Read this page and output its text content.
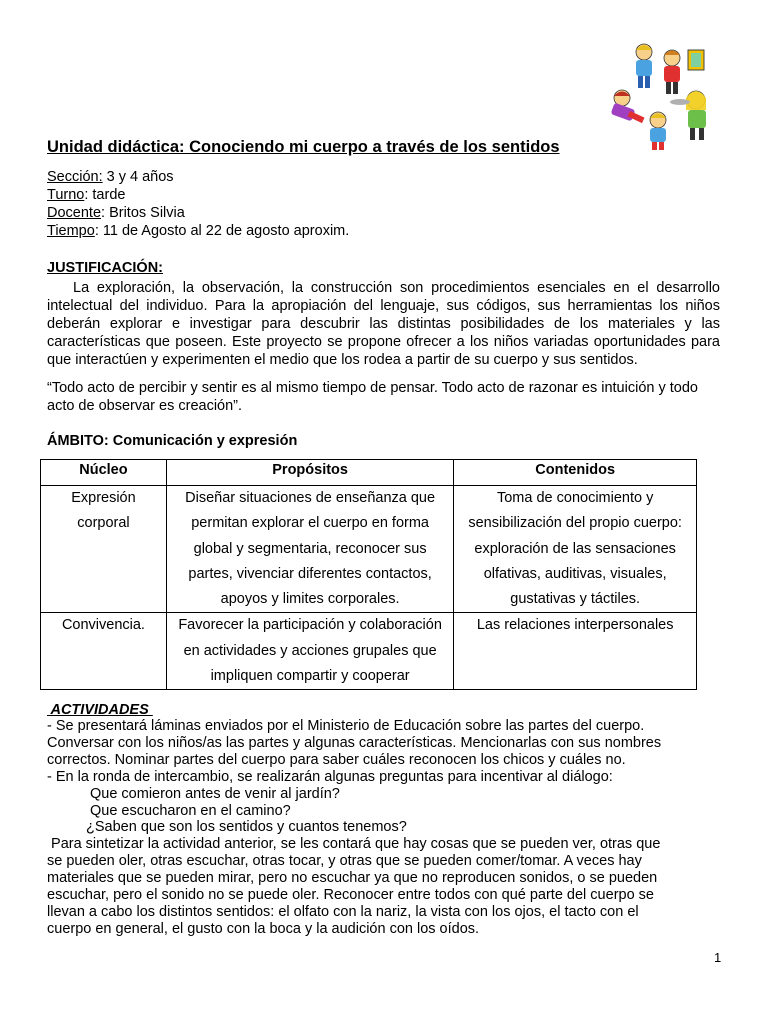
Unidad didáctica: Conociendo mi cuerpo a través de los sentidos
Sección: 3 y 4 años
Turno: tarde
Docente: Britos Silvia
Tiempo: 11 de Agosto al 22 de agosto aproxim.
JUSTIFICACIÓN:
La exploración, la observación, la construcción son procedimientos esenciales en el desarrollo intelectual del individuo. Para la apropiación del lenguaje, sus códigos, sus herramientas los niños deberán explorar e investigar para descubrir las distintas posibilidades de los materiales y las características que poseen. Este proyecto se propone ofrecer a los niños variadas oportunidades para que interactúen y experimenten el medio que los rodea a partir de su cuerpo y sus sentidos.
“Todo acto de percibir y sentir es al mismo tiempo de pensar. Todo acto de razonar es intuición y todo acto de observar es creación”.
ÁMBITO: Comunicación y expresión
Núcleo	Propósitos	Contenidos
Expresión corporal	Diseñar situaciones de enseñanza que permitan explorar el cuerpo en forma global y segmentaria, reconocer sus partes, vivenciar diferentes contactos, apoyos y limites corporales.	Toma de conocimiento y sensibilización del propio cuerpo: exploración de las sensaciones olfativas, auditivas, visuales, gustativas y táctiles.
Convivencia.	Favorecer la participación y colaboración en actividades y acciones grupales que impliquen compartir y cooperar	Las relaciones interpersonales
ACTIVIDADES
- Se presentará láminas enviados por el Ministerio de Educación sobre las partes del cuerpo.
Conversar con los niños/as las partes y algunas características. Mencionarlas con sus nombres
correctos. Nominar partes del cuerpo para saber cuáles reconocen los chicos y cuáles no.
- En la ronda de intercambio, se realizarán algunas preguntas para incentivar al diálogo:
Que comieron antes de venir al jardín?
Que escucharon en el camino?
¿Saben que son los sentidos y cuantos tenemos?
Para sintetizar la actividad anterior, se les contará que hay cosas que se pueden ver, otras que
se pueden oler, otras escuchar, otras tocar, y otras que se pueden comer/tomar. A veces hay
materiales que se pueden mirar, pero no escuchar ya que no reproducen sonidos, o se pueden
escuchar, pero el sonido no se puede oler. Reconocer entre todos con qué parte del cuerpo se
llevan a cabo los distintos sentidos: el olfato con la nariz, la vista con los ojos, el tacto con el
cuerpo en general, el gusto con la boca y la audición con los oídos.
1
